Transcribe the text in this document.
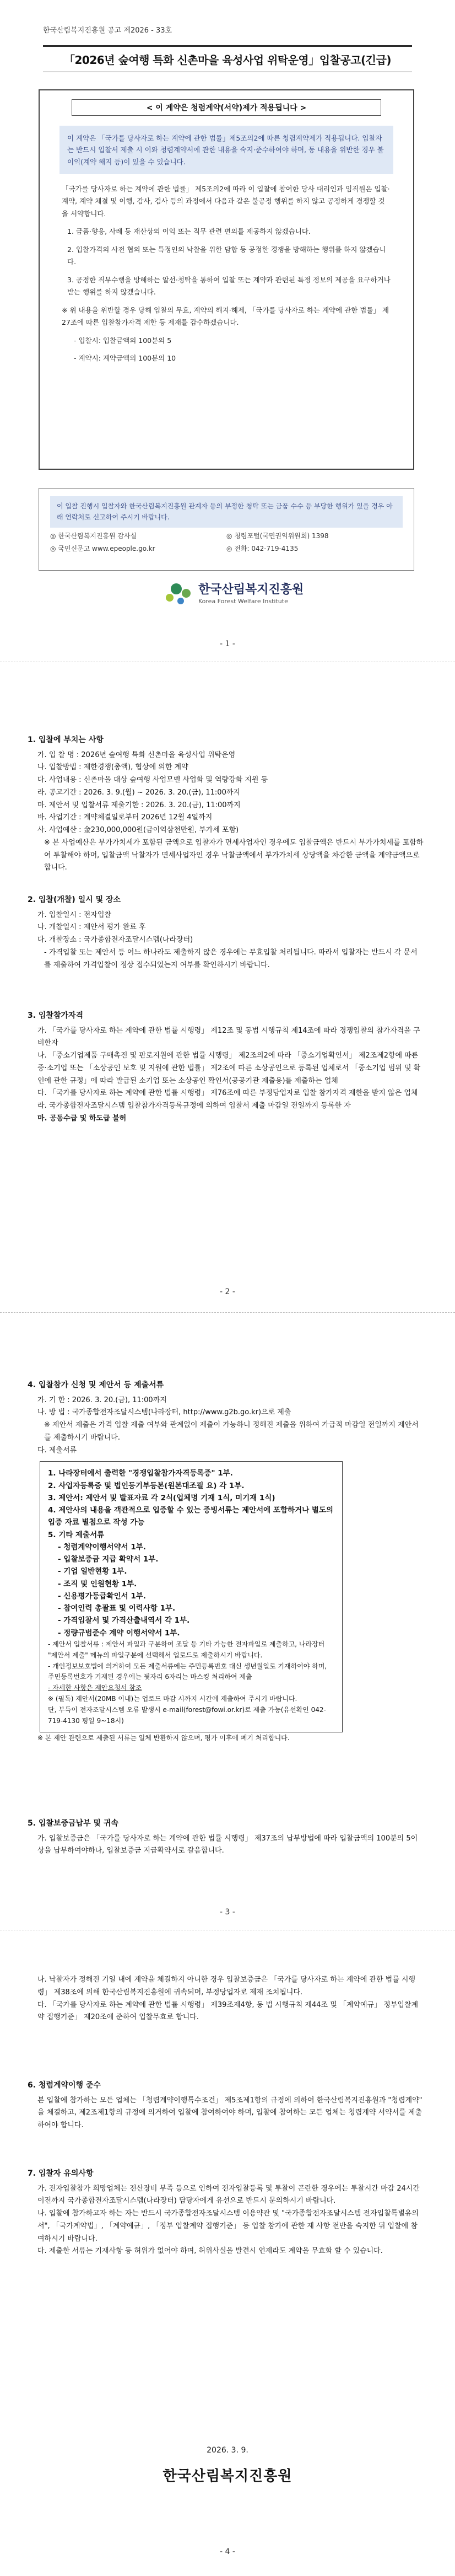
한국산림복지진흥원 공고 제2026 - 33호
「2026년 숲여행 특화 신촌마을 육성사업 위탁운영」입찰공고(긴급)
< 이 계약은 청렴계약(서약)제가 적용됩니다 >
이 계약은 「국가를 당사자로 하는 계약에 관한 법률」제5조의2에 따른 청렴계약제가 적용됩니다. 입찰자는 반드시 입찰서 제출 시 이와 청렴계약서에 관한 내용을 숙지·준수하여야 하며, 동 내용을 위반한 경우 불이익(계약 해지 등)이 있을 수 있습니다.

「국가를 당사자로 하는 계약에 관한 법률」 제5조의2에 따라 이 입찰에 참여한 당사 대리인과 임직원은 입찰·계약, 계약 체결 및 이행, 감사, 검사 등의 과정에서 다음과 같은 불공정 행위를 하지 않고 공정하게 경쟁할 것을 서약합니다.

1. 금품·향응, 사례 등 재산상의 이익 또는 직무 관련 편의를 제공하지 않겠습니다.

2. 입찰가격의 사전 협의 또는 특정인의 낙찰을 위한 담합 등 공정한 경쟁을 방해하는 행위를 하지 않겠습니다.

3. 공정한 직무수행을 방해하는 알선·청탁을 통하여 입찰 또는 계약과 관련된 특정 정보의 제공을 요구하거나 받는 행위를 하지 않겠습니다.

※ 위 내용을 위반할 경우 당해 입찰의 무효, 계약의 해지·해제, 「국가를 당사자로 하는 계약에 관한 법률」 제27조에 따른 입찰참가자격 제한 등 제재를 감수하겠습니다.

- 입찰시: 입찰금액의 100분의 5

- 계약시: 계약금액의 100분의 10

이 입찰 진행시 입찰자와 한국산림복지진흥원 관계자 등의 부정한 청탁 또는 금품 수수 등 부당한 행위가 있을 경우 아래 연락처로 신고하여 주시기 바랍니다.
◎ 한국산림복지진흥원 감사실	◎ 청렴포털(국민권익위원회) 1398
◎ 국민신문고 www.epeople.go.kr	◎ 전화: 042-719-4135
한국산림복지진흥원
Korea Forest Welfare Institute
- 1 -

1. 입찰에 부치는 사항

가. 입 찰 명 : 2026년 숲여행 특화 신촌마을 육성사업 위탁운영

나. 입찰방법 : 제한경쟁(총액), 협상에 의한 계약

다. 사업내용 : 신촌마을 대상 숲여행 사업모델 사업화 및 역량강화 지원 등

라. 공고기간 : 2026. 3. 9.(월) ~ 2026. 3. 20.(금), 11:00까지

마. 제안서 및 입찰서류 제출기한 : 2026. 3. 20.(금), 11:00까지

바. 사업기간 : 계약체결일로부터 2026년 12월 4일까지

사. 사업예산 : 金230,000,000원(금이억삼천만원, 부가세 포함)

※ 본 사업예산은 부가가치세가 포함된 금액으로 입찰자가 면세사업자인 경우에도 입찰금액은 반드시 부가가치세를 포함하여 투찰해야 하며, 입찰금액 낙찰자가 면세사업자인 경우 낙찰금액에서 부가가치세 상당액을 차감한 금액을 계약금액으로 합니다.

2. 입찰(개찰) 일시 및 장소

가. 입찰일시 : 전자입찰

나. 개찰일시 : 제안서 평가 완료 후

다. 개찰장소 : 국가종합전자조달시스템(나라장터)

- 가격입찰 또는 제안서 등 어느 하나라도 제출하지 않은 경우에는 무효입찰 처리됩니다. 따라서 입찰자는 반드시 각 문서를 제출하여 가격입찰이 정상 접수되었는지 여부를 확인하시기 바랍니다.

3. 입찰참가자격

가. 「국가를 당사자로 하는 계약에 관한 법률 시행령」 제12조 및 동법 시행규칙 제14조에 따라 경쟁입찰의 참가자격을 구비한자

나. 「중소기업제품 구매촉진 및 판로지원에 관한 법률 시행령」 제2조의2에 따라 「중소기업확인서」 제2조제2항에 따른 중·소기업 또는 「소상공인 보호 및 지원에 관한 법률」 제2조에 따른 소상공인으로 등록된 업체로서 「중소기업 범위 및 확인에 관한 규정」에 따라 발급된 소기업 또는 소상공인 확인서(공공기관 제출용)를 제출하는 업체

다. 「국가를 당사자로 하는 계약에 관한 법률 시행령」 제76조에 따른 부정당업자로 입찰 참가자격 제한을 받지 않은 업체

라. 국가종합전자조달시스템 입찰참가자격등록규정에 의하여 입찰서 제출 마감일 전일까지 등록한 자

마. 공동수급 및 하도급 불허

- 2 -

4. 입찰참가 신청 및 제안서 등 제출서류

가. 기 한 : 2026. 3. 20.(금), 11:00까지

나. 방 법 : 국가종합전자조달시스템(나라장터, http://www.g2b.go.kr)으로 제출

※ 제안서 제출은 가격 입찰 제출 여부와 관계없이 제출이 가능하니 정해진 제출을 위하여 가급적 마감일 전일까지 제안서를 제출하시기 바랍니다.

다. 제출서류

1. 나라장터에서 출력한 "경쟁입찰참가자격등록증" 1부.
2. 사업자등록증 및 법인등기부등본(원본대조필 요) 각 1부.
3. 제안서: 제안서 및 발표자료 각 2식(업체명 기재 1식, 미기재 1식)
4. 제안사의 내용을 객관적으로 입증할 수 있는 증빙서류는 제안서에 포함하거나 별도의 입증 자료 별첨으로 작성 가능
5. 기타 제출서류
- 청렴계약이행서약서 1부.
- 입찰보증금 지급 확약서 1부.
- 기업 일반현황 1부.
- 조직 및 인원현황 1부.
- 신용평가등급확인서 1부.
- 참여인력 총괄표 및 이력사항 1부.
- 가격입찰서 및 가격산출내역서 각 1부.
- 정량규범준수 계약 이행서약서 1부.
- 제안서 입찰서류 : 제안서 파일과 구분하여 조달 등 기타 가능한 전자파일로 제출하고, 나라장터 "제안서 제출" 메뉴의 파일구분에 선택해서 업로드로 제출하시기 바랍니다.
- 개인정보보호법에 의거하여 모든 제출서류에는 주민등록번호 대신 생년월일로 기재하여야 하며, 주민등록번호가 기재된 경우에는 뒷자리 6자리는 마스킹 처리하여 제출
- 자세한 사항은 제안요청서 참조
※ (필독) 제안서(20MB 이내)는 업로드 마감 시까지 시간에 제출하여 주시기 바랍니다.
단, 부득이 전자조달시스템 오류 발생시 e-mail(forest@fowi.or.kr)로 제출 가능(유선확인 042-719-4130 평일 9~18시)

※ 본 제안 관련으로 제출된 서류는 일체 반환하지 않으며, 평가 이후에 폐기 처리합니다.

5. 입찰보증금납부 및 귀속

가. 입찰보증금은 「국가를 당사자로 하는 계약에 관한 법률 시행령」 제37조의 납부방법에 따라 입찰금액의 100분의 5이상을 납부하여야하나, 입찰보증금 지급확약서로 갈음합니다.

- 3 -

나. 낙찰자가 정해진 기일 내에 계약을 체결하지 아니한 경우 입찰보증금은 「국가를 당사자로 하는 계약에 관한 법률 시행령」 제38조에 의해 한국산림복지진흥원에 귀속되며, 부정당업자로 제재 조치됩니다.

다. 「국가를 당사자로 하는 계약에 관한 법률 시행령」 제39조제4항, 동 법 시행규칙 제44조 및 「계약예규」 정부입찰계약 집행기준」 제20조에 준하여 입찰무효로 합니다.

6. 청렴계약이행 준수

본 입찰에 참가하는 모든 업체는 「청렴계약이행특수조건」 제5조제1항의 규정에 의하여 한국산림복지진흥원과 "청렴계약" 을 체결하고, 제2조제1항의 규정에 의거하여 입찰에 참여하여야 하며, 입찰에 참여하는 모든 업체는 청렴계약 서약서를 제출하여야 합니다.

7. 입찰자 유의사항

가. 전자입찰참가 희망업체는 전산장비 부족 등으로 인하여 전자입찰등록 및 투찰이 곤란한 경우에는 투찰시간 마감 24시간 이전까지 국가종합전자조달시스템(나라장터) 담당자에게 유선으로 반드시 문의하시기 바랍니다.

나. 입찰에 참가하고자 하는 자는 반드시 국가종합전자조달시스템 이용약관 및 "국가종합전자조달시스템 전자입찰특별유의서", 「국가계약법」, 「계약예규」, 「정부 입찰계약 집행기준」 등 입찰 참가에 관한 제 사항 전반을 숙지한 뒤 입찰에 참여하시기 바랍니다.

다. 제출한 서류는 기재사항 등 허위가 없어야 하며, 허위사실을 발견시 언제라도 계약을 무효화 할 수 있습니다.

2026. 3. 9.
한국산림복지진흥원
- 4 -
